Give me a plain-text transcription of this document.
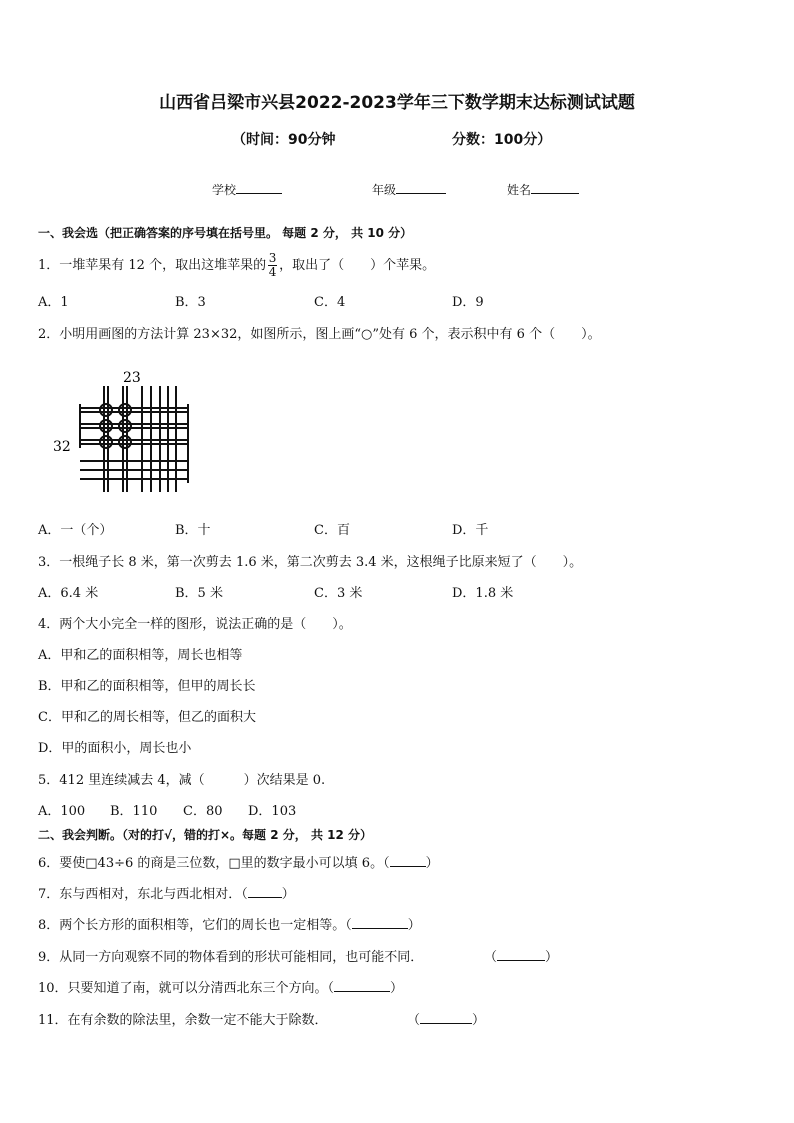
山西省吕梁市兴县2022-2023学年三下数学期末达标测试试题
（时间：90分钟	分数：100分）
学校	年级	姓名
一、我会选（把正确答案的序号填在括号里。 每题 2 分， 共 10 分）
1．一堆苹果有 12 个，取出这堆苹果的 $\frac{3}{4}$ ，取出了（　　）个苹果。
A．1	B．3	C．4	D．9
2．小明用画图的方法计算 23×32，如图所示，图上画“○”处有 6 个，表示积中有 6 个（　　）。
23
32
A．一（个）	B．十	C．百	D．千
3．一根绳子长 8 米，第一次剪去 1.6 米，第二次剪去 3.4 米，这根绳子比原来短了（　　）。
A．6.4 米	B．5 米	C．3 米	D．1.8 米
4．两个大小完全一样的图形，说法正确的是（　　）。
A．甲和乙的面积相等，周长也相等
B．甲和乙的面积相等，但甲的周长长
C．甲和乙的周长相等，但乙的面积大
D．甲的面积小，周长也小
5．412 里连续减去 4，减（　　　）次结果是 0.
A．100 B．110 C．80 D．103
二、我会判断。（对的打√，错的打×。每题 2 分， 共 12 分）
6．要使□43÷6 的商是三位数，□里的数字最小可以填 6。（	）
7．东与西相对，东北与西北相对．（	）
8．两个长方形的面积相等，它们的周长也一定相等。（	）
9．从同一方向观察不同的物体看到的形状可能相同，也可能不同．	（	）
10．只要知道了南，就可以分清西北东三个方向。（	）
11．在有余数的除法里，余数一定不能大于除数．	（	）
